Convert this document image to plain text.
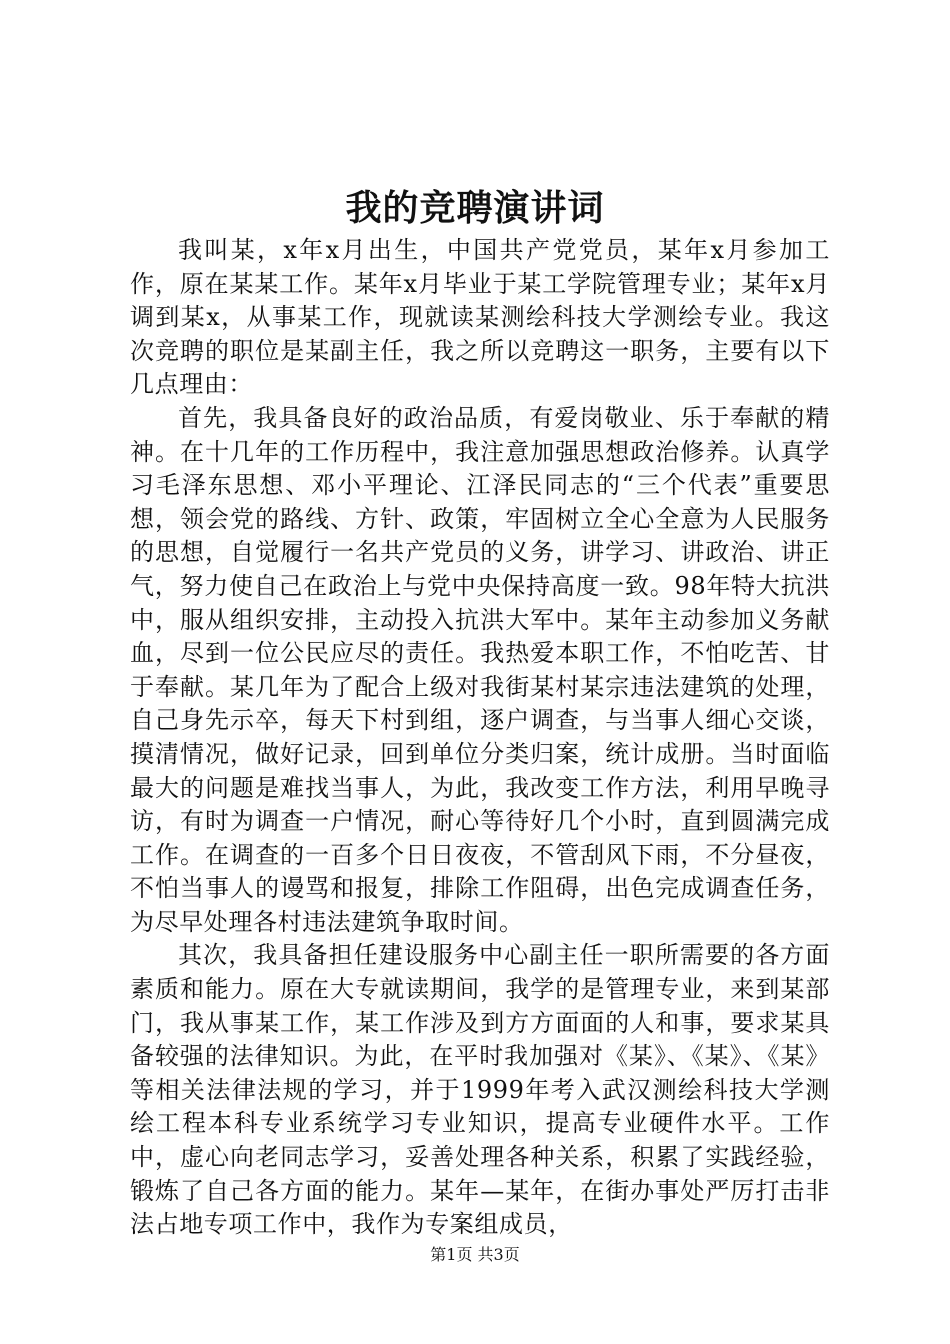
我的竞聘演讲词

我叫某，x年x月出生，中国共产党党员，某年x月参加工作，原在某某工作。某年x月毕业于某工学院管理专业；某年x月调到某x，从事某工作，现就读某测绘科技大学测绘专业。我这次竞聘的职位是某副主任，我之所以竞聘这一职务，主要有以下几点理由：

首先，我具备良好的政治品质，有爱岗敬业、乐于奉献的精神。在十几年的工作历程中，我注意加强思想政治修养。认真学习毛泽东思想、邓小平理论、江泽民同志的“三个代表”重要思想，领会党的路线、方针、政策，牢固树立全心全意为人民服务的思想，自觉履行一名共产党员的义务，讲学习、讲政治、讲正气，努力使自己在政治上与党中央保持高度一致。98年特大抗洪中，服从组织安排，主动投入抗洪大军中。某年主动参加义务献血，尽到一位公民应尽的责任。我热爱本职工作，不怕吃苦、甘于奉献。某几年为了配合上级对我街某村某宗违法建筑的处理，自己身先示卒，每天下村到组，逐户调查，与当事人细心交谈，摸清情况，做好记录，回到单位分类归案，统计成册。当时面临最大的问题是难找当事人，为此，我改变工作方法，利用早晚寻访，有时为调查一户情况，耐心等待好几个小时，直到圆满完成工作。在调查的一百多个日日夜夜，不管刮风下雨，不分昼夜，不怕当事人的谩骂和报复，排除工作阻碍，出色完成调查任务，为尽早处理各村违法建筑争取时间。

其次，我具备担任建设服务中心副主任一职所需要的各方面素质和能力。原在大专就读期间，我学的是管理专业，来到某部门，我从事某工作，某工作涉及到方方面面的人和事，要求某具备较强的法律知识。为此，在平时我加强对《某》、《某》、《某》等相关法律法规的学习，并于1999年考入武汉测绘科技大学测绘工程本科专业系统学习专业知识，提高专业硬件水平。工作中，虚心向老同志学习，妥善处理各种关系，积累了实践经验，锻炼了自己各方面的能力。某年—某年，在街办事处严厉打击非法占地专项工作中，我作为专案组成员，

第1页 共3页
